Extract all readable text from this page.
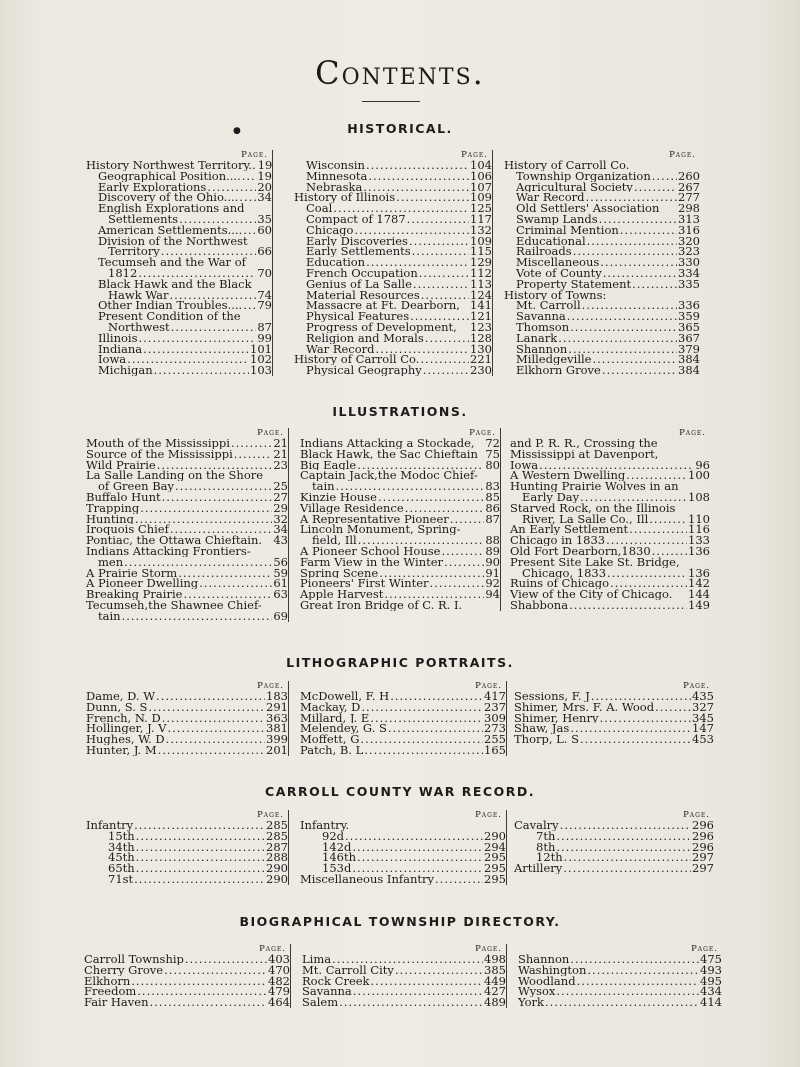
Contents.
●	HISTORICAL.
Page.
History Northwest Territory.. 19
Geographical Position.... ..... 19
Early Explorations .....	20
Discovery of the Ohio.... ..... 34
English Explorations and
Settlements .....	35
American Settlements.... ..... 60
Division of the Northwest
Territory .....	66
Tecumseh and the War of
1812 .....	70
Black Hawk and the Black
Hawk War .....	74
Other Indian Troubles.... ..... 79
Present Condition of the
Northwest .....	87
Illinois .....	99
Indiana .....	101
Iowa .....	102
Michigan .....	103
Page.
Wisconsin .....	104
Minnesota .....	106
Nebraska .....	107
History of Illinois .....	109
Coal .....	125
Compact of 1787 .....	117
Chicago .....	132
Early Discoveries .....	109
Early Settlements .....	115
Education .....	129
French Occupation .....	112
Genius of La Salle .....	113
Material Resources .....	124
Massacre at Ft. Dearborn, 141
Physical Features .....	121
Progress of Development, 123
Religion and Morals .....	128
War Record .....	130
History of Carroll Co. .....	221
Physical Geography .....	230
Page.
History of Carroll Co.
Township Organization ..... 260
Agricultural Society .....	267
War Record .....	277
Old Settlers' Association 298
Swamp Lands .....	313
Criminal Mention .....	316
Educational .....	320
Railroads .....	323
Miscellaneous .....	330
Vote of County .....	334
Property Statement .....	335
History of Towns:
Mt. Carroll .....	336
Savanna .....	359
Thomson .....	365
Lanark .....	367
Shannon .....	379
Milledgeville .....	384
Elkhorn Grove .....	384
ILLUSTRATIONS.
Page.
Mouth of the Mississippi .....	21
Source of the Mississippi .....	21
Wild Prairie .....	23
La Salle Landing on the Shore
of Green Bay .....	25
Buffalo Hunt .....	27
Trapping .....	29
Hunting .....	32
Iroquois Chief .....	34
Pontiac, the Ottawa Chieftain. 43
Indians Attacking Frontiers-
men .....	56
A Prairie Storm .....	59
A Pioneer Dwelling .....	61
Breaking Prairie .....	63
Tecumseh,the Shawnee Chief-
tain .....	69
Page.
Indians Attacking a Stockade, 72
Black Hawk, the Sac Chieftain 75
Big Eagle .....	80
Captain Jack,the Modoc Chief-
tain .....	83
Kinzie House .....	85
Village Residence .....	86
A Representative Pioneer .....	87
Lincoln Monument, Spring-
field, Ill .....	88
A Pioneer School House .....	89
Farm View in the Winter .....	90
Spring Scene .....	91
Pioneers' First Winter .....	92
Apple Harvest .....	94
Great Iron Bridge of C. R. I.
Page.
and P. R. R., Crossing the
Mississippi at Davenport,
Iowa .....	96
A Western Dwelling .....	100
Hunting Prairie Wolves in an
Early Day .....	108
Starved Rock, on the Illinois
River, La Salle Co., Ill .....	110
An Early Settlement .....	116
Chicago in 1833 .....	133
Old Fort Dearborn,1830 .....	136
Present Site Lake St. Bridge,
Chicago, 1833 .....	136
Ruins of Chicago .....	142
View of the City of Chicago. 144
Shabbona .....	149
LITHOGRAPHIC PORTRAITS.
Page.
Dame, D. W .....	183
Dunn, S. S .....	291
French, N. D .....	363
Hollinger, J. V .....	381
Hughes, W. D .....	399
Hunter, J. M .....	201
Page.
McDowell, F. H .....	417
Mackay, D .....	237
Millard, J. E .....	309
Melendey, G. S .....	273
Moffett, G .....	255
Patch, B. L .....	165
Page.
Sessions, F. J .....	435
Shimer, Mrs. F. A. Wood .....	327
Shimer, Henry .....	345
Shaw, Jas .....	147
Thorp, L. S .....	453
CARROLL COUNTY WAR RECORD.
Page.
Infantry .....	285
15th .....	285
34th .....	287
45th .....	288
65th .....	290
71st .....	290
Page.
Infantry.
92d .....	290
142d .....	294
146th .....	295
153d .....	295
Miscellaneous Infantry .....	295
Page.
Cavalry .....	296
7th .....	296
8th .....	296
12th .....	297
Artillery .....	297
BIOGRAPHICAL TOWNSHIP DIRECTORY.
Page.
Carroll Township .....	403
Cherry Grove .....	470
Elkhorn .....	482
Freedom .....	479
Fair Haven .....	464
Page.
Lima .....	498
Mt. Carroll City .....	385
Rock Creek .....	449
Savanna .....	427
Salem .....	489
Page.
Shannon .....	475
Washington .....	493
Woodland .....	495
Wysox .....	434
York .....	414
